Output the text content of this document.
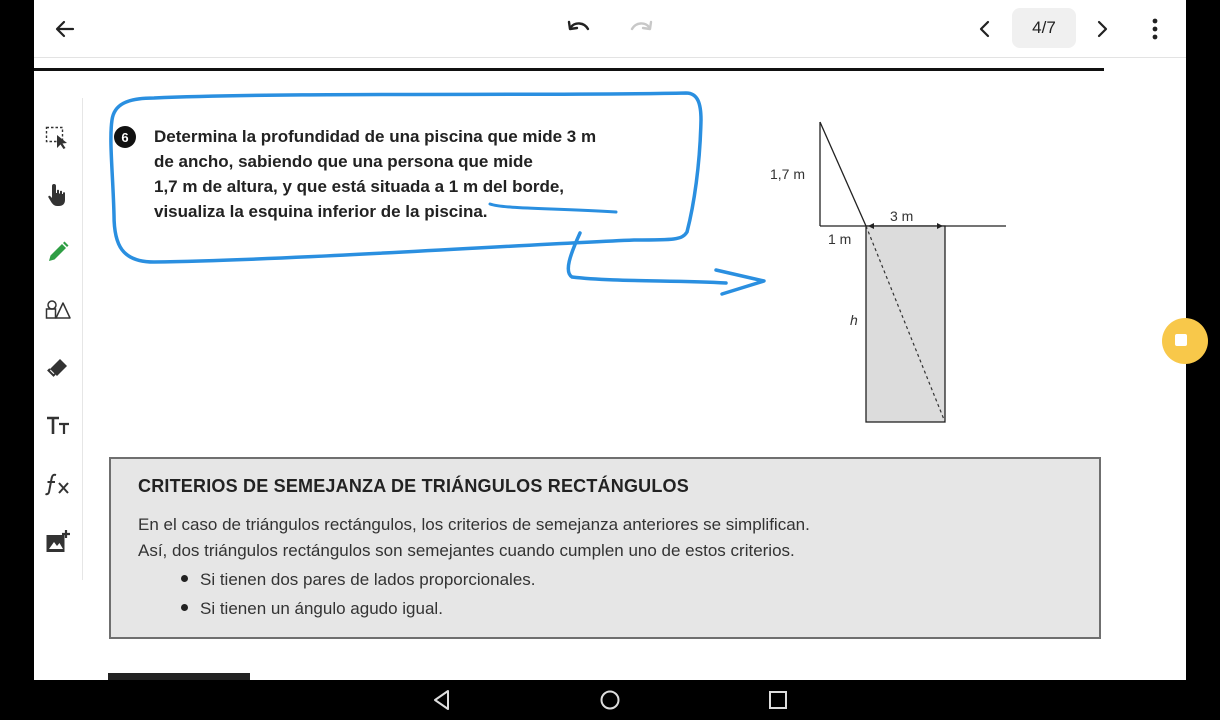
4/7
6	Determina la profundidad de una piscina que mide 3 m
de ancho, sabiendo que una persona que mide
1,7 m de altura, y que está situada a 1 m del borde,
visualiza la esquina inferior de la piscina.
1,7 m
3 m
1 m
h
CRITERIOS DE SEMEJANZA DE TRIÁNGULOS RECTÁNGULOS
En el caso de triángulos rectángulos, los criterios de semejanza anteriores se simplifican.
Así, dos triángulos rectángulos son semejantes cuando cumplen uno de estos criterios.
Si tienen dos pares de lados proporcionales.
Si tienen un ángulo agudo igual.
